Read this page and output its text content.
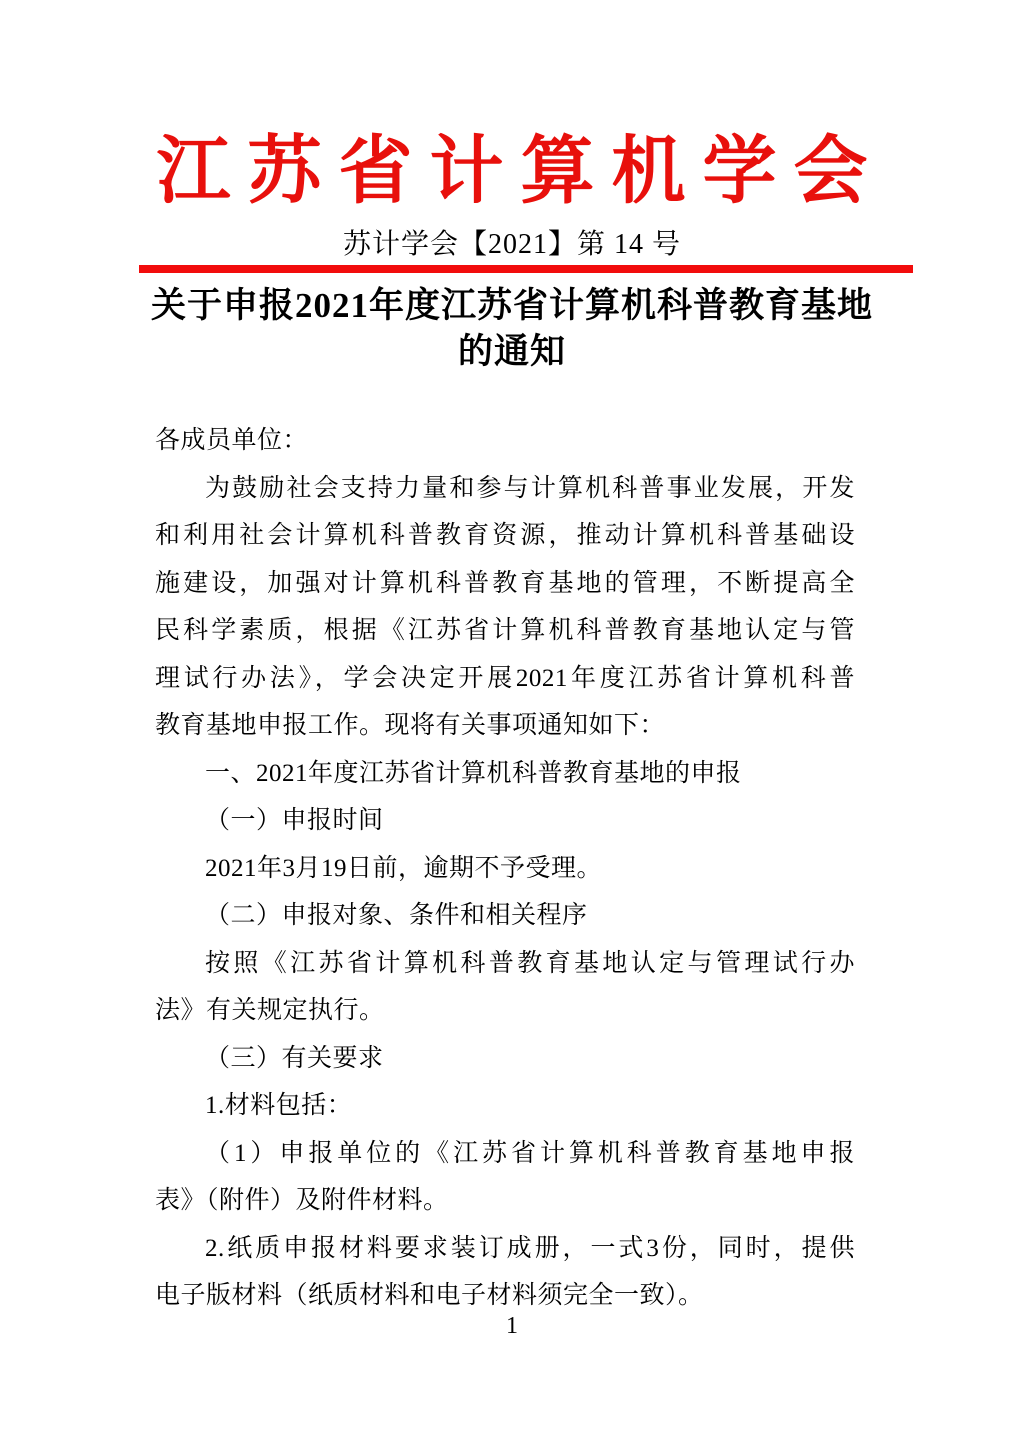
江苏省计算机学会
苏计学会【2021】第 14 号
关于申报2021年度江苏省计算机科普教育基地
的通知
各成员单位：
为鼓励社会支持力量和参与计算机科普事业发展，开发
和利用社会计算机科普教育资源，推动计算机科普基础设
施建设，加强对计算机科普教育基地的管理，不断提高全
民科学素质，根据《江苏省计算机科普教育基地认定与管
理试行办法》，学会决定开展2021年度江苏省计算机科普
教育基地申报工作。现将有关事项通知如下：
一、2021年度江苏省计算机科普教育基地的申报
（一）申报时间
2021年3月19日前，逾期不予受理。
（二）申报对象、条件和相关程序
按照《江苏省计算机科普教育基地认定与管理试行办
法》有关规定执行。
（三）有关要求
1.材料包括：
（1）申报单位的《江苏省计算机科普教育基地申报
表》（附件）及附件材料。
2.纸质申报材料要求装订成册，一式3份，同时，提供
电子版材料（纸质材料和电子材料须完全一致）。
1
